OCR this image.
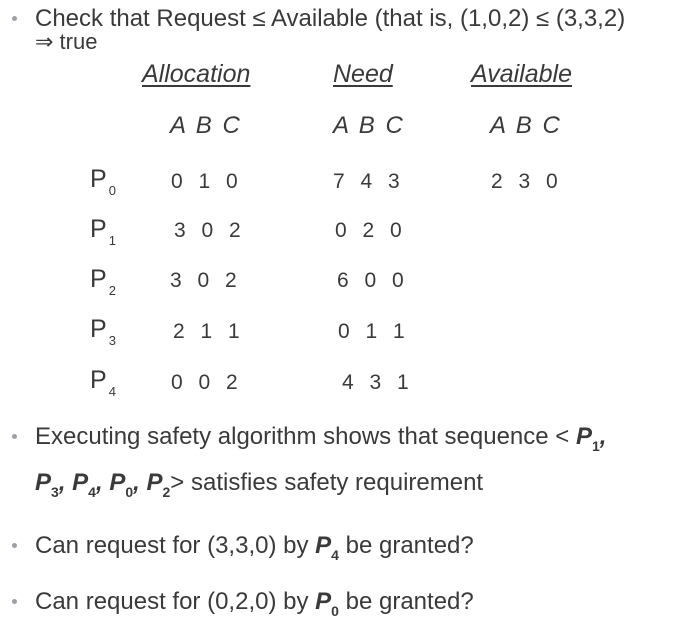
Check that Request ≤ Available (that is, (1,0,2) ≤ (3,3,2)
⇒ true
Allocation	Need	Available
A B C	A B C	A B C
P $_0$	0 1 0	7 4 3	2 3 0
P $_1$	3 0 2	0 2 0
P $_2$	3 0 2	6 0 0
P $_3$	2 1 1	0 1 1
P $_4$	0 0 2	4 3 1
Executing safety algorithm shows that sequence < $P_1$,
$P_3$, $P_4$, $P_0$, $P_2>$ satisfies safety requirement
Can request for (3,3,0) by $P_4$ be granted?
Can request for (0,2,0) by $P_0$ be granted?
